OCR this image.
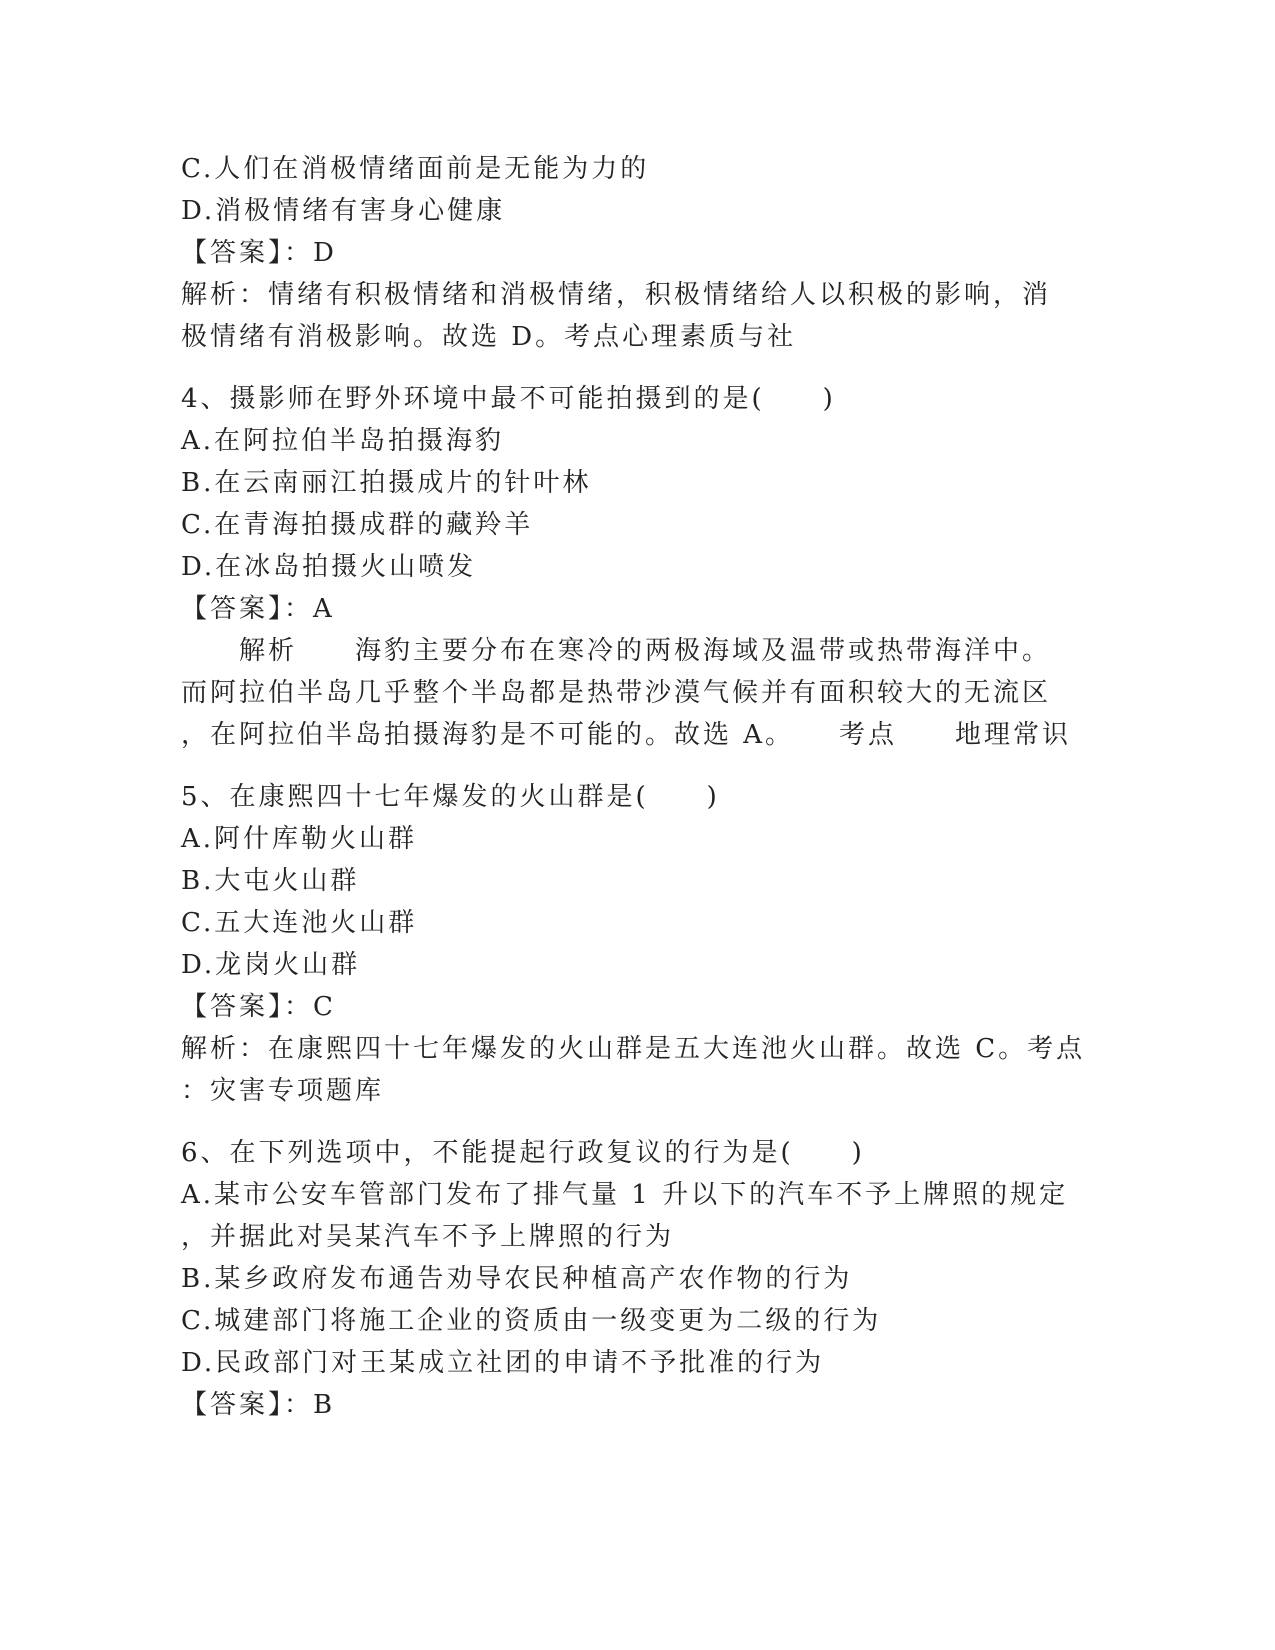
C.人们在消极情绪面前是无能为力的
D.消极情绪有害身心健康
【答案】：D
解析：情绪有积极情绪和消极情绪，积极情绪给人以积极的影响，消
极情绪有消极影响。故选 D。考点心理素质与社
4、摄影师在野外环境中最不可能拍摄到的是(　　)
A.在阿拉伯半岛拍摄海豹
B.在云南丽江拍摄成片的针叶林
C.在青海拍摄成群的藏羚羊
D.在冰岛拍摄火山喷发
【答案】：A
　　解析　　海豹主要分布在寒冷的两极海域及温带或热带海洋中。
而阿拉伯半岛几乎整个半岛都是热带沙漠气候并有面积较大的无流区
，在阿拉伯半岛拍摄海豹是不可能的。故选 A。　　考点　　地理常识
5、在康熙四十七年爆发的火山群是(　　)
A.阿什库勒火山群
B.大屯火山群
C.五大连池火山群
D.龙岗火山群
【答案】：C
解析：在康熙四十七年爆发的火山群是五大连池火山群。故选 C。考点
：灾害专项题库
6、在下列选项中，不能提起行政复议的行为是(　　)
A.某市公安车管部门发布了排气量 1 升以下的汽车不予上牌照的规定
，并据此对吴某汽车不予上牌照的行为
B.某乡政府发布通告劝导农民种植高产农作物的行为
C.城建部门将施工企业的资质由一级变更为二级的行为
D.民政部门对王某成立社团的申请不予批准的行为
【答案】：B
